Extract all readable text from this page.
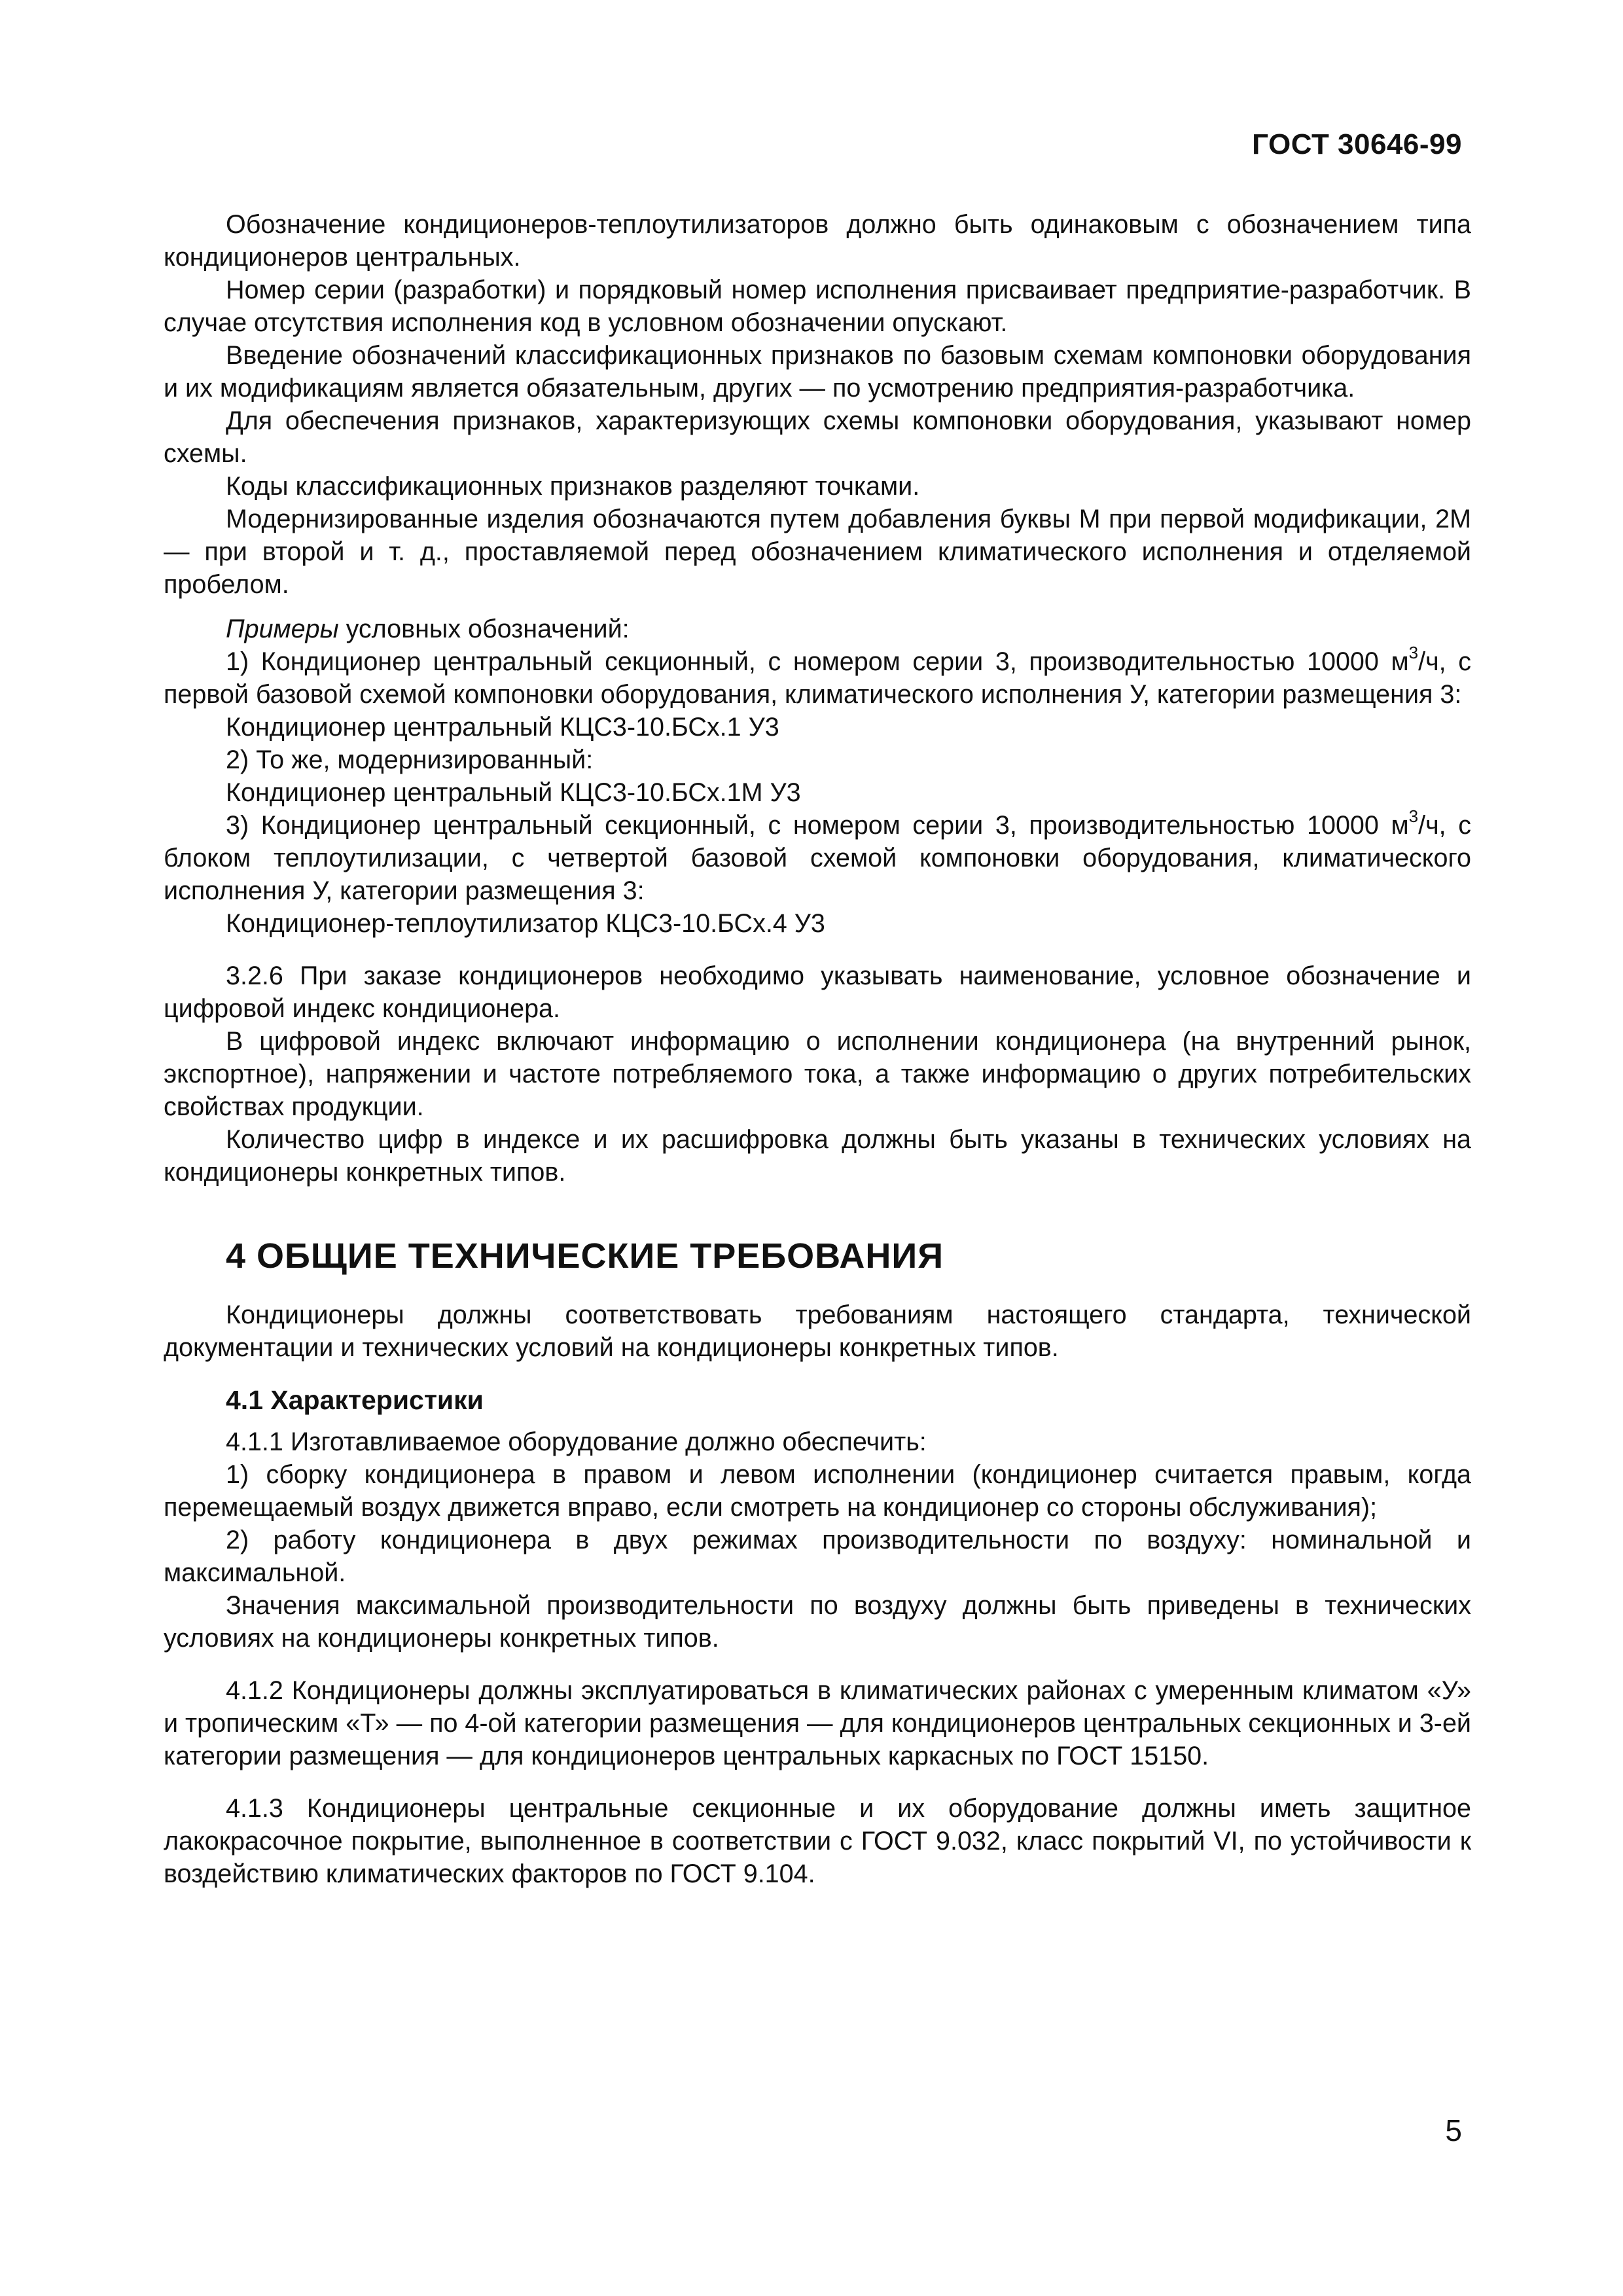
ГОСТ 30646-99

Обозначение кондиционеров-теплоутилизаторов должно быть одинаковым с обозначением типа кондиционеров центральных.

Номер серии (разработки) и порядковый номер исполнения присваивает предприятие-разработчик. В случае отсутствия исполнения код в условном обозначении опускают.

Введение обозначений классификационных признаков по базовым схемам компоновки оборудования и их модификациям является обязательным, других — по усмотрению предприятия-разработчика.

Для обеспечения признаков, характеризующих схемы компоновки оборудования, указывают номер схемы.

Коды классификационных признаков разделяют точками.

Модернизированные изделия обозначаются путем добавления буквы М при первой модификации, 2М — при второй и т. д., проставляемой перед обозначением климатического исполнения и отделяемой пробелом.

Примеры условных обозначений:

1) Кондиционер центральный секционный, с номером серии 3, производительностью 10000 $м^3/ч$, с первой базовой схемой компоновки оборудования, климатического исполнения У, категории размещения 3:

Кондиционер центральный КЦС3-10.БСх.1 У3

2) То же, модернизированный:

Кондиционер центральный КЦС3-10.БСх.1М У3

3) Кондиционер центральный секционный, с номером серии 3, производительностью 10000 $м^3/ч$, с блоком теплоутилизации, с четвертой базовой схемой компоновки оборудования, климатического исполнения У, категории размещения 3:

Кондиционер-теплоутилизатор КЦС3-10.БСх.4 У3

3.2.6 При заказе кондиционеров необходимо указывать наименование, условное обозначение и цифровой индекс кондиционера.

В цифровой индекс включают информацию о исполнении кондиционера (на внутренний рынок, экспортное), напряжении и частоте потребляемого тока, а также информацию о других потребительских свойствах продукции.

Количество цифр в индексе и их расшифровка должны быть указаны в технических условиях на кондиционеры конкретных типов.

4 ОБЩИЕ ТЕХНИЧЕСКИЕ ТРЕБОВАНИЯ

Кондиционеры должны соответствовать требованиям настоящего стандарта, технической документации и технических условий на кондиционеры конкретных типов.

4.1 Характеристики

4.1.1 Изготавливаемое оборудование должно обеспечить:

1) сборку кондиционера в правом и левом исполнении (кондиционер считается правым, когда перемещаемый воздух движется вправо, если смотреть на кондиционер со стороны обслуживания);

2) работу кондиционера в двух режимах производительности по воздуху: номинальной и максимальной.

Значения максимальной производительности по воздуху должны быть приведены в технических условиях на кондиционеры конкретных типов.

4.1.2 Кондиционеры должны эксплуатироваться в климатических районах с умеренным климатом «У» и тропическим «Т» — по 4-ой категории размещения — для кондиционеров центральных секционных и 3-ей категории размещения — для кондиционеров центральных каркасных по ГОСТ 15150.

4.1.3 Кондиционеры центральные секционные и их оборудование должны иметь защитное лакокрасочное покрытие, выполненное в соответствии с ГОСТ 9.032, класс покрытий VI, по устойчивости к воздействию климатических факторов по ГОСТ 9.104.

5
